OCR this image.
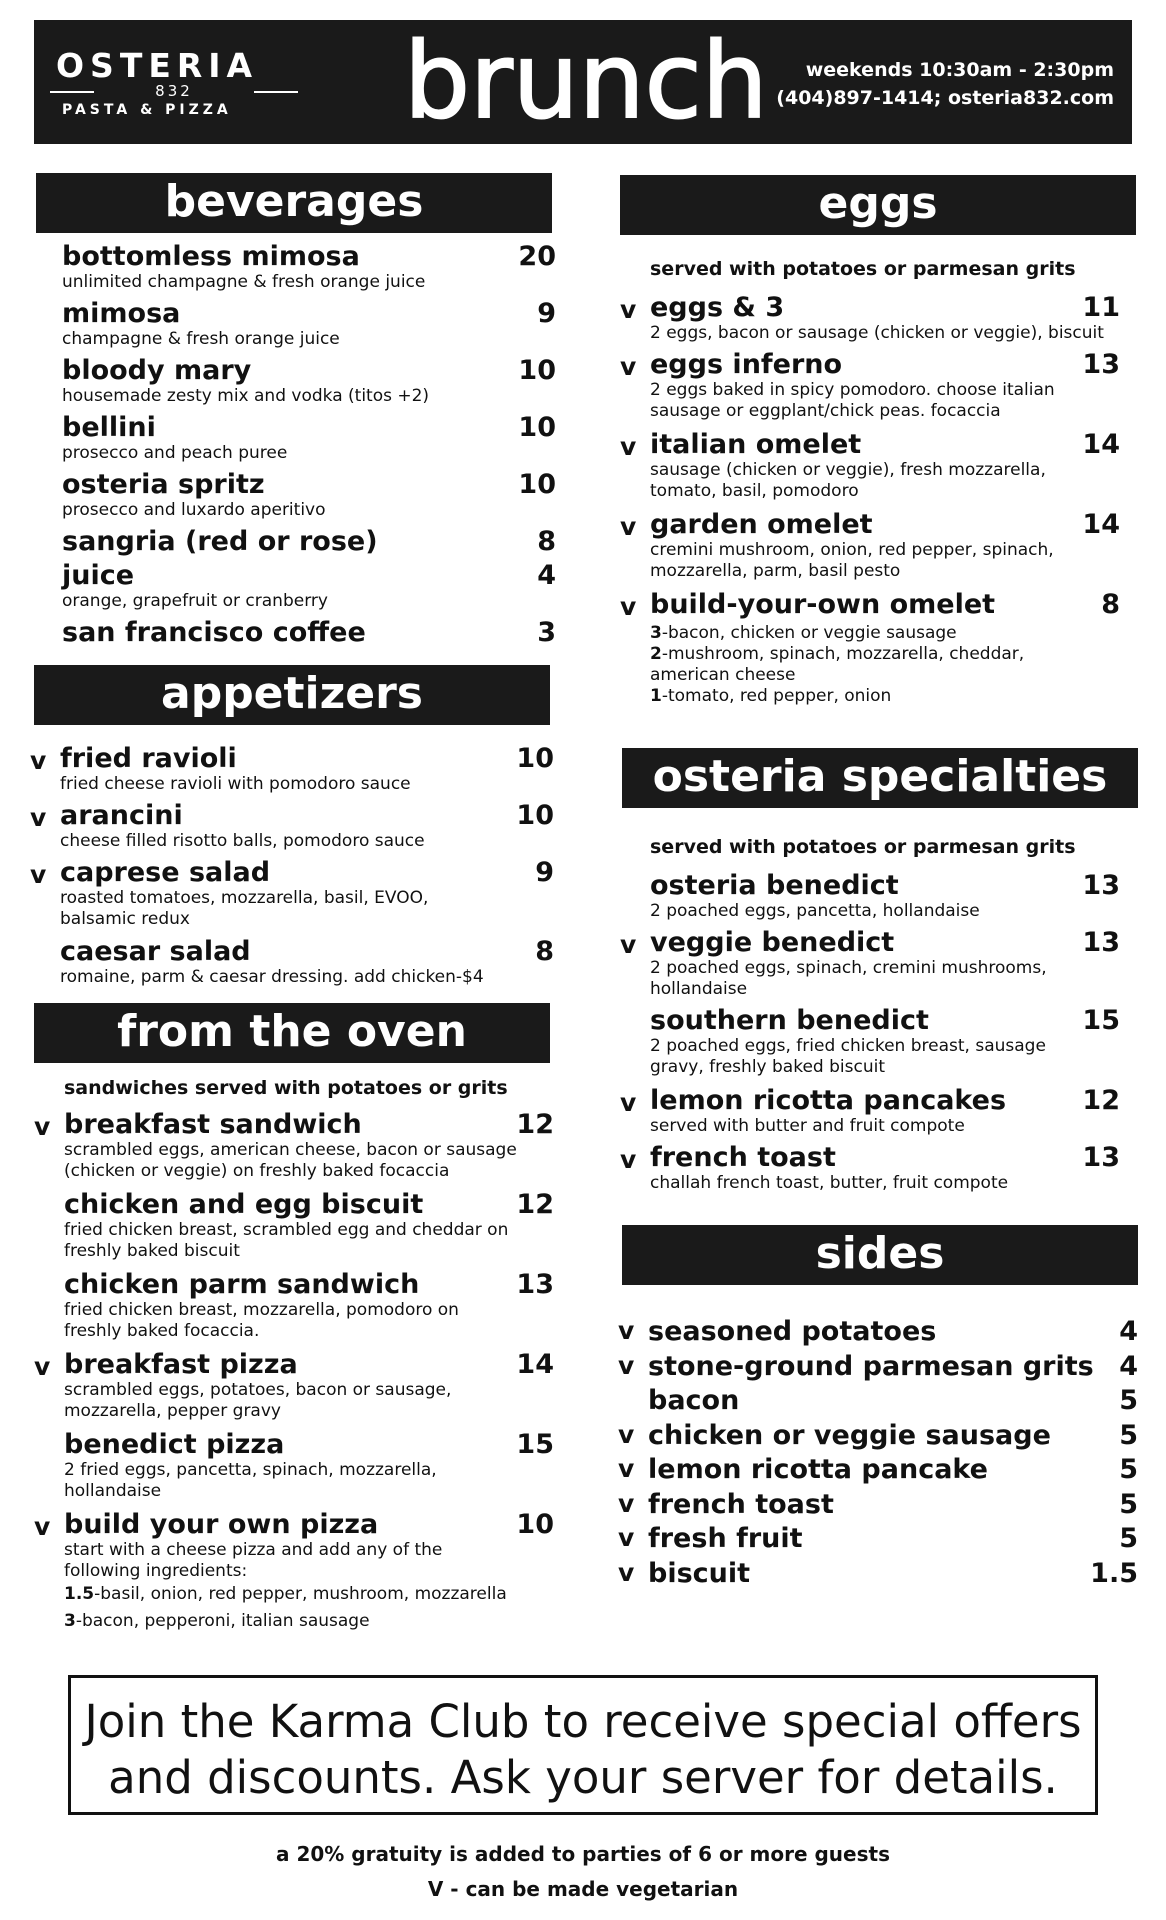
OSTERIA
832
PASTA & PIZZA brunch	weekends 10:30am - 2:30pm
(404)897-1414; osteria832.com
beverages
bottomless mimosa	20
unlimited champagne & fresh orange juice
mimosa	9
champagne & fresh orange juice
bloody mary	10
housemade zesty mix and vodka (titos +2)
bellini	10
prosecco and peach puree
osteria spritz	10
prosecco and luxardo aperitivo
sangria (red or rose)	8
juice	4
orange, grapefruit or cranberry
san francisco coffee	3
appetizers
v fried ravioli	10
fried cheese ravioli with pomodoro sauce
v arancini	10
cheese filled risotto balls, pomodoro sauce
v caprese salad	9
roasted tomatoes, mozzarella, basil, EVOO, balsamic redux
caesar salad	8
romaine, parm & caesar dressing. add chicken-$4
from the oven
sandwiches served with potatoes or grits
v breakfast sandwich	12
scrambled eggs, american cheese, bacon or sausage (chicken or veggie) on freshly baked focaccia
chicken and egg biscuit	12
fried chicken breast, scrambled egg and cheddar on freshly baked biscuit
chicken parm sandwich	13
fried chicken breast, mozzarella, pomodoro on freshly baked focaccia.
v breakfast pizza	14
scrambled eggs, potatoes, bacon or sausage, mozzarella, pepper gravy
benedict pizza	15
2 fried eggs, pancetta, spinach, mozzarella, hollandaise
v build your own pizza	10
start with a cheese pizza and add any of the following ingredients:
1.5-basil, onion, red pepper, mushroom, mozzarella
3-bacon, pepperoni, italian sausage
eggs
served with potatoes or parmesan grits
v eggs & 3	11
2 eggs, bacon or sausage (chicken or veggie), biscuit
v eggs inferno	13
2 eggs baked in spicy pomodoro. choose italian sausage or eggplant/chick peas. focaccia
v italian omelet	14
sausage (chicken or veggie), fresh mozzarella, tomato, basil, pomodoro
v garden omelet	14
cremini mushroom, onion, red pepper, spinach, mozzarella, parm, basil pesto
v build-your-own omelet	8
3-bacon, chicken or veggie sausage
2-mushroom, spinach, mozzarella, cheddar, american cheese
1-tomato, red pepper, onion
osteria specialties
served with potatoes or parmesan grits
osteria benedict	13
2 poached eggs, pancetta, hollandaise
v veggie benedict	13
2 poached eggs, spinach, cremini mushrooms, hollandaise
southern benedict	15
2 poached eggs, fried chicken breast, sausage gravy, freshly baked biscuit
v lemon ricotta pancakes	12
served with butter and fruit compote
v french toast	13
challah french toast, butter, fruit compote
sides
v seasoned potatoes	4
v stone-ground parmesan grits 4
bacon	5
v chicken or veggie sausage	5
v lemon ricotta pancake	5
v french toast	5
v fresh fruit	5
v biscuit	1.5
Join the Karma Club to receive special offers
and discounts. Ask your server for details.
a 20% gratuity is added to parties of 6 or more guests
V - can be made vegetarian
